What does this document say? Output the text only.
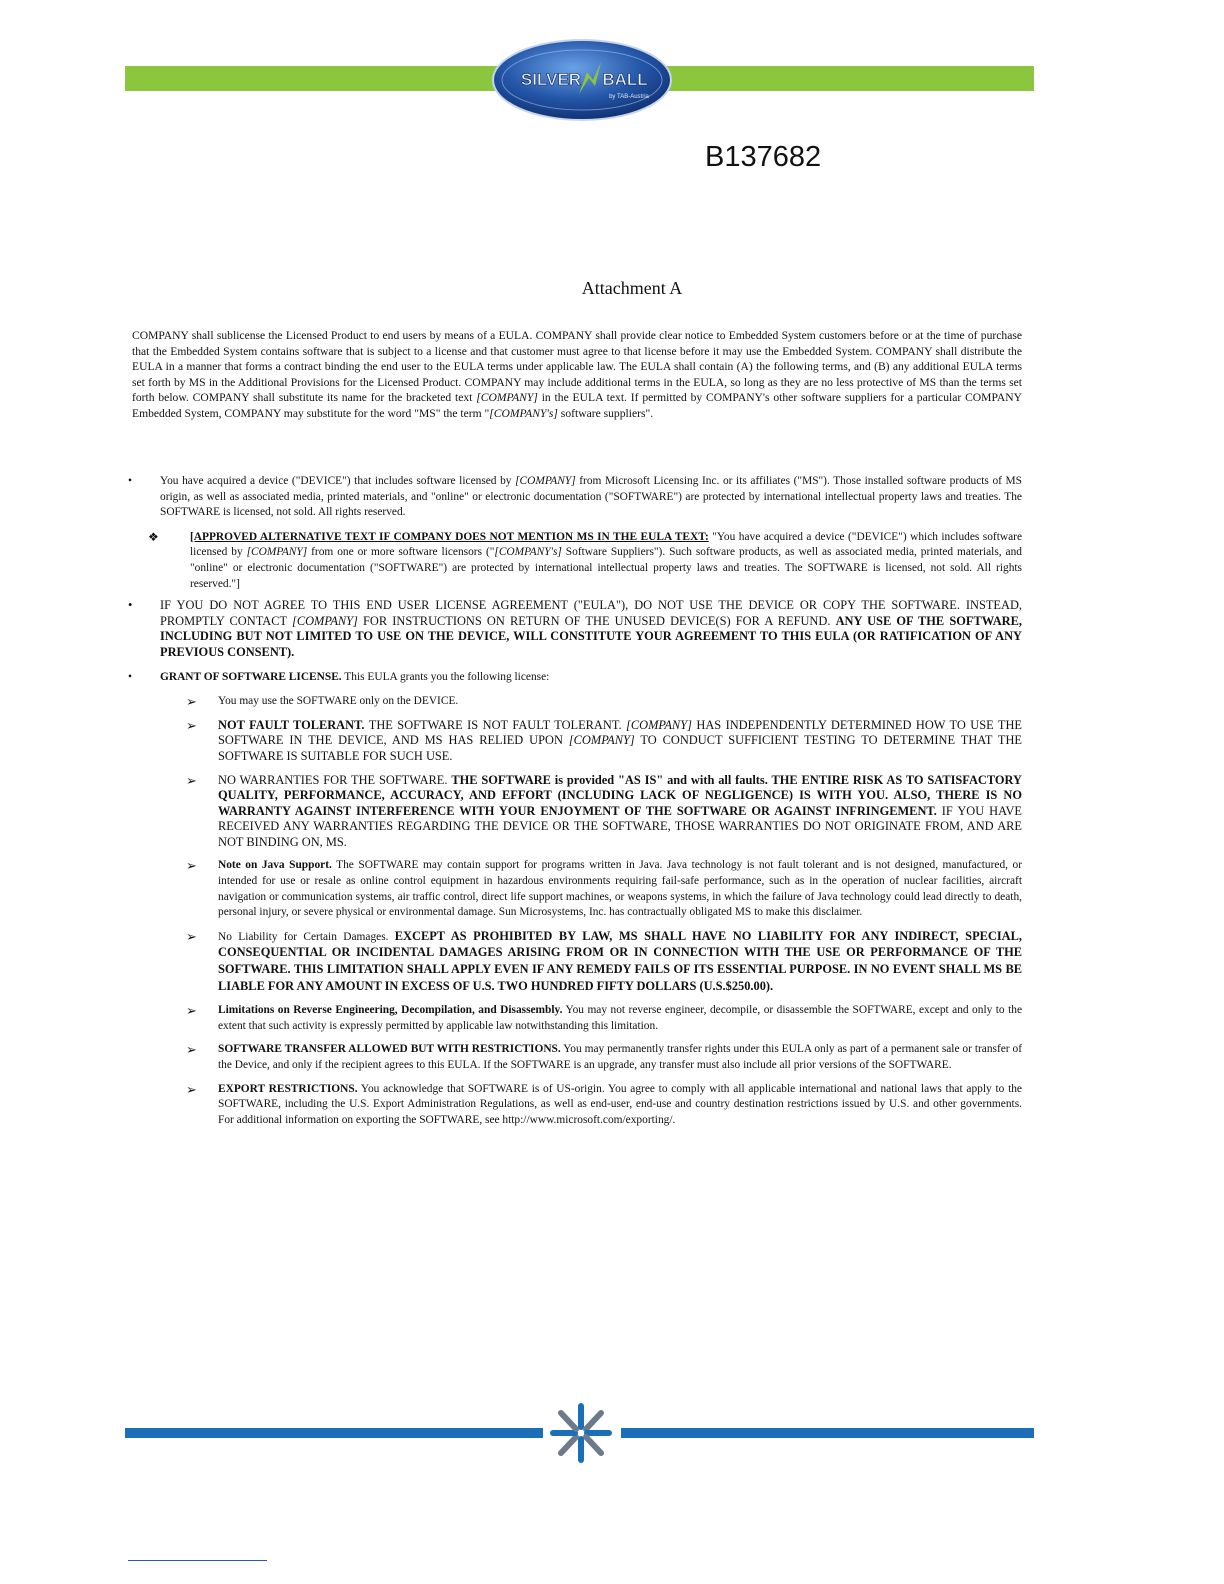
SILVER BALL
by TAB-Austria
B137682
Attachment A
COMPANY shall sublicense the Licensed Product to end users by means of a EULA. COMPANY shall provide clear notice to Embedded System customers before or at the time of purchase that the Embedded System contains software that is subject to a license and that customer must agree to that license before it may use the Embedded System. COMPANY shall distribute the EULA in a manner that forms a contract binding the end user to the EULA terms under applicable law. The EULA shall contain (A) the following terms, and (B) any additional EULA terms set forth by MS in the Additional Provisions for the Licensed Product. COMPANY may include additional terms in the EULA, so long as they are no less protective of MS than the terms set forth below. COMPANY shall substitute its name for the bracketed text [COMPANY] in the EULA text. If permitted by COMPANY's other software suppliers for a particular COMPANY Embedded System, COMPANY may substitute for the word "MS" the term "[COMPANY's] software suppliers".
• You have acquired a device ("DEVICE") that includes software licensed by [COMPANY] from Microsoft Licensing Inc. or its affiliates ("MS"). Those installed software products of MS origin, as well as associated media, printed materials, and "online" or electronic documentation ("SOFTWARE") are protected by international intellectual property laws and treaties. The SOFTWARE is licensed, not sold. All rights reserved.
❖	[APPROVED ALTERNATIVE TEXT IF COMPANY DOES NOT MENTION MS IN THE EULA TEXT: "You have acquired a device ("DEVICE") which includes software licensed by [COMPANY] from one or more software licensors ("[COMPANY's] Software Suppliers"). Such software products, as well as associated media, printed materials, and "online" or electronic documentation ("SOFTWARE") are protected by international intellectual property laws and treaties. The SOFTWARE is licensed, not sold. All rights reserved."]
• IF YOU DO NOT AGREE TO THIS END USER LICENSE AGREEMENT ("EULA"), DO NOT USE THE DEVICE OR COPY THE SOFTWARE. INSTEAD, PROMPTLY CONTACT [COMPANY] FOR INSTRUCTIONS ON RETURN OF THE UNUSED DEVICE(S) FOR A REFUND. ANY USE OF THE SOFTWARE, INCLUDING BUT NOT LIMITED TO USE ON THE DEVICE, WILL CONSTITUTE YOUR AGREEMENT TO THIS EULA (OR RATIFICATION OF ANY PREVIOUS CONSENT).
• GRANT OF SOFTWARE LICENSE. This EULA grants you the following license:
➢ You may use the SOFTWARE only on the DEVICE.
➢ NOT FAULT TOLERANT. THE SOFTWARE IS NOT FAULT TOLERANT. [COMPANY] HAS INDEPENDENTLY DETERMINED HOW TO USE THE SOFTWARE IN THE DEVICE, AND MS HAS RELIED UPON [COMPANY] TO CONDUCT SUFFICIENT TESTING TO DETERMINE THAT THE SOFTWARE IS SUITABLE FOR SUCH USE.
➢ NO WARRANTIES FOR THE SOFTWARE. THE SOFTWARE is provided "AS IS" and with all faults. THE ENTIRE RISK AS TO SATISFACTORY QUALITY, PERFORMANCE, ACCURACY, AND EFFORT (INCLUDING LACK OF NEGLIGENCE) IS WITH YOU. ALSO, THERE IS NO WARRANTY AGAINST INTERFERENCE WITH YOUR ENJOYMENT OF THE SOFTWARE OR AGAINST INFRINGEMENT. IF YOU HAVE RECEIVED ANY WARRANTIES REGARDING THE DEVICE OR THE SOFTWARE, THOSE WARRANTIES DO NOT ORIGINATE FROM, AND ARE NOT BINDING ON, MS.
➢ Note on Java Support. The SOFTWARE may contain support for programs written in Java. Java technology is not fault tolerant and is not designed, manufactured, or intended for use or resale as online control equipment in hazardous environments requiring fail-safe performance, such as in the operation of nuclear facilities, aircraft navigation or communication systems, air traffic control, direct life support machines, or weapons systems, in which the failure of Java technology could lead directly to death, personal injury, or severe physical or environmental damage. Sun Microsystems, Inc. has contractually obligated MS to make this disclaimer.
➢ No Liability for Certain Damages. EXCEPT AS PROHIBITED BY LAW, MS SHALL HAVE NO LIABILITY FOR ANY INDIRECT, SPECIAL, CONSEQUENTIAL OR INCIDENTAL DAMAGES ARISING FROM OR IN CONNECTION WITH THE USE OR PERFORMANCE OF THE SOFTWARE. THIS LIMITATION SHALL APPLY EVEN IF ANY REMEDY FAILS OF ITS ESSENTIAL PURPOSE. IN NO EVENT SHALL MS BE LIABLE FOR ANY AMOUNT IN EXCESS OF U.S. TWO HUNDRED FIFTY DOLLARS (U.S.$250.00).
➢ Limitations on Reverse Engineering, Decompilation, and Disassembly. You may not reverse engineer, decompile, or disassemble the SOFTWARE, except and only to the extent that such activity is expressly permitted by applicable law notwithstanding this limitation.
➢ SOFTWARE TRANSFER ALLOWED BUT WITH RESTRICTIONS. You may permanently transfer rights under this EULA only as part of a permanent sale or transfer of the Device, and only if the recipient agrees to this EULA. If the SOFTWARE is an upgrade, any transfer must also include all prior versions of the SOFTWARE.
➢ EXPORT RESTRICTIONS. You acknowledge that SOFTWARE is of US-origin. You agree to comply with all applicable international and national laws that apply to the SOFTWARE, including the U.S. Export Administration Regulations, as well as end-user, end-use and country destination restrictions issued by U.S. and other governments. For additional information on exporting the SOFTWARE, see http://www.microsoft.com/exporting/.
